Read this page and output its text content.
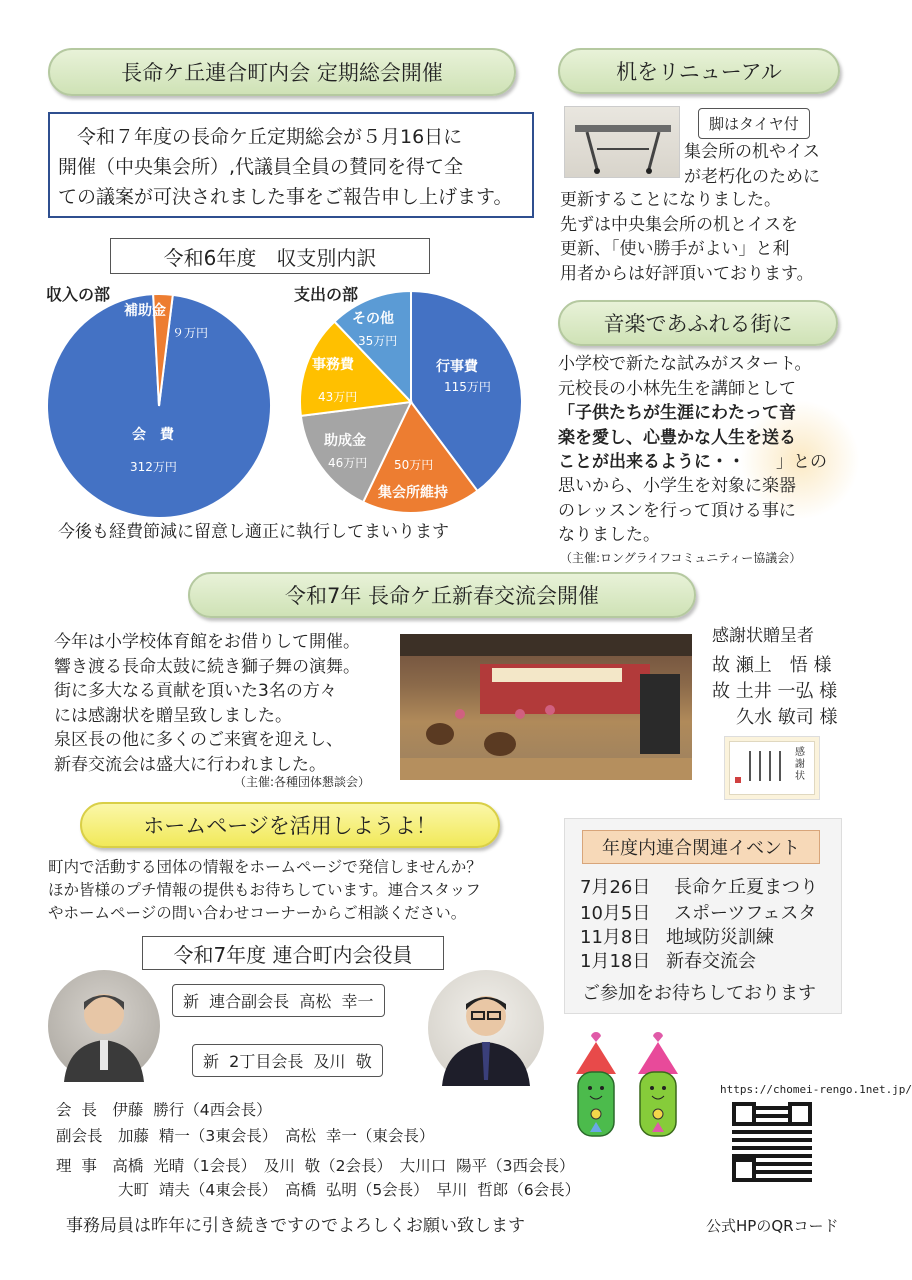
長命ケ丘連合町内会 定期総会開催
　令和７年度の長命ケ丘定期総会が５月16日に
開催（中央集会所）,代議員全員の賛同を得て全
ての議案が可決されました事をご報告申し上げます。
令和6年度　収支別内訳
収入の部	支出の部
会　費
312万円
補助金
９万円
行事費
115万円
集会所維持
50万円
助成金
46万円
事務費
43万円
その他
35万円
今後も経費節減に留意し適正に執行してまいります
机をリニューアル
脚はタイヤ付
集会所の机やイス
が老朽化のために
更新することになりました。
先ずは中央集会所の机とイスを
更新、「使い勝手がよい」と利
用者からは好評頂いております。
音楽であふれる街に
小学校で新たな試みがスタート。
元校長の小林先生を講師として
「子供たちが生涯にわたって音
楽を愛し、心豊かな人生を送る
ことが出来るように・・	」との
思いから、小学生を対象に楽器
のレッスンを行って頂ける事に
なりました。
（主催:ロングライフコミュニティー協議会）
令和7年 長命ケ丘新春交流会開催
今年は小学校体育館をお借りして開催。
響き渡る長命太鼓に続き獅子舞の演舞。
街に多大なる貢献を頂いた3名の方々
には感謝状を贈呈致しました。
泉区長の他に多くのご来賓を迎えし、
新春交流会は盛大に行われました。
（主催:各種団体懇談会）
感謝状贈呈者
故 瀬上　悟 様
故 土井 一弘 様
久水 敏司 様
感謝状
ホームページを活用しようよ！
町内で活動する団体の情報をホームページで発信しませんか？
ほか皆様のプチ情報の提供もお待ちしています。連合スタッフ
やホームページの問い合わせコーナーからご相談ください。
年度内連合関連イベント
7月26日 長命ケ丘夏まつり
10月5日 スポーツフェスタ
11月8日 地域防災訓練
1月18日 新春交流会
ご参加をお待ちしております
令和7年度 連合町内会役員
新  連合副会長  高松  幸一
新  2丁目会長  及川  敬
会  長　伊藤  勝行（4西会長）
副会長　加藤  精一（3東会長）　高松  幸一（東会長）
理  事　高橋  光晴（1会長）　及川  敬（2会長）　大川口  陽平（3西会長）
　　　　大町  靖夫（4東会長）　高橋  弘明（5会長）　早川  哲郎（6会長）
事務局員は昨年に引き続きですのでよろしくお願い致します
https://chomei-rengo.1net.jp/
公式HPのQRコード
